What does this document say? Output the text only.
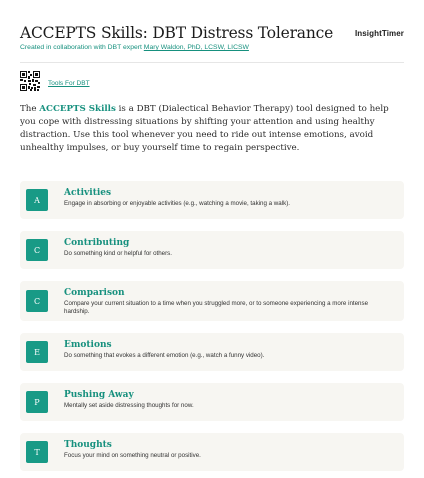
ACCEPTS Skills: DBT Distress Tolerance	InsightTimer
Created in collaboration with DBT expert Mary Waldon, PhD, LCSW, LICSW
Tools For DBT

The ACCEPTS Skills is a DBT (Dialectical Behavior Therapy) tool designed to help you cope with distressing situations by shifting your attention and using healthy distraction. Use this tool whenever you need to ride out intense emotions, avoid unhealthy impulses, or buy yourself time to regain perspective.

A
Activities
Engage in absorbing or enjoyable activities (e.g., watching a movie, taking a walk).
C
Contributing
Do something kind or helpful for others.
C
Comparison
Compare your current situation to a time when you struggled more, or to someone experiencing a more intense hardship.
E
Emotions
Do something that evokes a different emotion (e.g., watch a funny video).
P
Pushing Away
Mentally set aside distressing thoughts for now.
T
Thoughts
Focus your mind on something neutral or positive.
